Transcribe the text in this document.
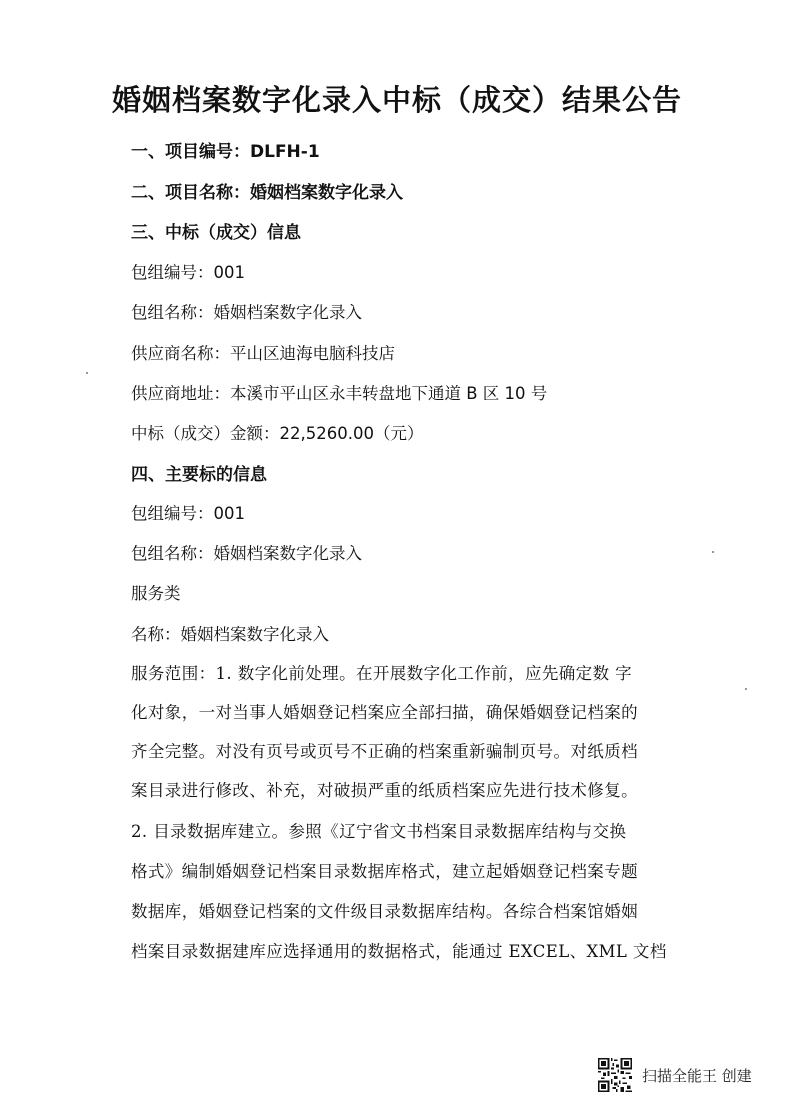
婚姻档案数字化录入中标（成交）结果公告
一、项目编号：DLFH-1
二、项目名称：婚姻档案数字化录入
三、中标（成交）信息
包组编号：001
包组名称：婚姻档案数字化录入
供应商名称：平山区迪海电脑科技店
供应商地址：本溪市平山区永丰转盘地下通道 B 区 10 号
中标（成交）金额：22,5260.00（元）
四、主要标的信息
包组编号：001
包组名称：婚姻档案数字化录入
服务类
名称：婚姻档案数字化录入
服务范围：1. 数字化前处理。在开展数字化工作前，应先确定数 字
化对象，一对当事人婚姻登记档案应全部扫描，确保婚姻登记档案的
齐全完整。对没有页号或页号不正确的档案重新骗制页号。对纸质档
案目录进行修改、补充，对破损严重的纸质档案应先进行技术修复。
2. 目录数据库建立。参照《辽宁省文书档案目录数据库结构与交换
格式》编制婚姻登记档案目录数据库格式，建立起婚姻登记档案专题
数据库，婚姻登记档案的文件级目录数据库结构。各综合档案馆婚姻
档案目录数据建库应选择通用的数据格式，能通过 EXCEL、XML 文档
扫描全能王 创建
